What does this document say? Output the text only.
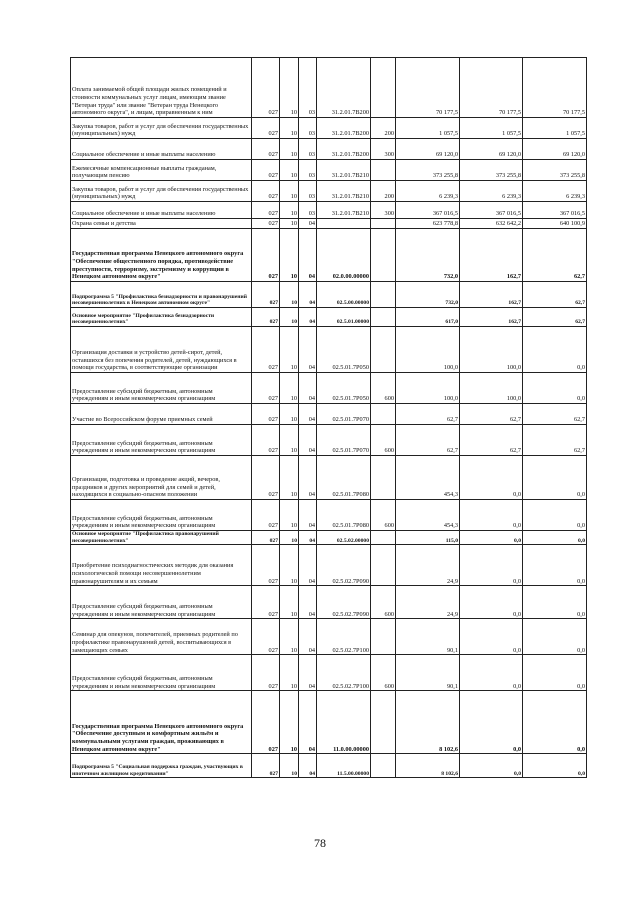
Оплата занимаемой общей площади жилых помещений и стоимости коммунальных услуг лицам, имеющим звание "Ветеран труда" или звание "Ветеран труда Ненецкого автономного округа", и лицам, приравненным к ним	027	10	03	31.2.01.7В200		70 177,5	70 177,5	70 177,5
Закупка товаров, работ и услуг для обеспечения государственных (муниципальных) нужд	027	10	03	31.2.01.7В200	200	1 057,5	1 057,5	1 057,5
Социальное обеспечение и иные выплаты населению	027	10	03	31.2.01.7В200	300	69 120,0	69 120,0	69 120,0
Ежемесячные компенсационные выплаты гражданам, получающим пенсию	027	10	03	31.2.01.7В210		373 255,8	373 255,8	373 255,8
Закупка товаров, работ и услуг для обеспечения государственных (муниципальных) нужд	027	10	03	31.2.01.7В210	200	6 239,3	6 239,3	6 239,3
Социальное обеспечение и иные выплаты населению	027	10	03	31.2.01.7В210	300	367 016,5	367 016,5	367 016,5
Охрана семьи и детства	027	10	04			623 778,8	632 642,2	640 100,9
Государственная программа Ненецкого автономного округа "Обеспечение общественного порядка, противодействие преступности, терроризму, экстремизму и коррупции в Ненецком автономном округе"	027	10	04	02.0.00.00000		732,0	162,7	62,7
Подпрограмма 5 "Профилактика безнадзорности и правонарушений несовершеннолетних в Ненецком автономном округе"	027	10	04	02.5.00.00000		732,0	162,7	62,7
Основное мероприятие "Профилактика безнадзорности несовершеннолетних"	027	10	04	02.5.01.00000		617,0	162,7	62,7
Организация доставки и устройство детей-сирот, детей, оставшихся без попечения родителей, детей, нуждающихся в помощи государства, в соответствующие организации	027	10	04	02.5.01.7Р050		100,0	100,0	0,0
Предоставление субсидий бюджетным, автономным учреждениям и иным некоммерческим организациям	027	10	04	02.5.01.7Р050	600	100,0	100,0	0,0
Участие во Всероссийском форуме приемных семей	027	10	04	02.5.01.7Р070		62,7	62,7	62,7
Предоставление субсидий бюджетным, автономным учреждениям и иным некоммерческим организациям	027	10	04	02.5.01.7Р070	600	62,7	62,7	62,7
Организация, подготовка и проведение акций, вечеров, праздников и других мероприятий для семей и детей, находящихся в социально-опасном положении	027	10	04	02.5.01.7Р080		454,3	0,0	0,0
Предоставление субсидий бюджетным, автономным учреждениям и иным некоммерческим организациям	027	10	04	02.5.01.7Р080	600	454,3	0,0	0,0
Основное мероприятие "Профилактика правонарушений несовершеннолетних"	027	10	04	02.5.02.00000		115,0	0,0	0,0
Приобретение психодиагностических методик для оказания психологической помощи несовершеннолетним правонарушителям и их семьям	027	10	04	02.5.02.7Р090		24,9	0,0	0,0
Предоставление субсидий бюджетным, автономным учреждениям и иным некоммерческим организациям	027	10	04	02.5.02.7Р090	600	24,9	0,0	0,0
Семинар для опекунов, попечителей, приемных родителей по профилактике правонарушений детей, воспитывающихся в замещающих семьях	027	10	04	02.5.02.7Р100		90,1	0,0	0,0
Предоставление субсидий бюджетным, автономным учреждениям и иным некоммерческим организациям	027	10	04	02.5.02.7Р100	600	90,1	0,0	0,0
Государственная программа Ненецкого автономного округа "Обеспечение доступным и комфортным жильём и коммунальными услугами граждан, проживающих в Ненецком автономном округе"	027	10	04	11.0.00.00000		8 102,6	0,0	0,0
Подпрограмма 5 "Социальная поддержка граждан, участвующих в ипотечном жилищном кредитовании"	027	10	04	11.5.00.00000		8 102,6	0,0	0,0
78
